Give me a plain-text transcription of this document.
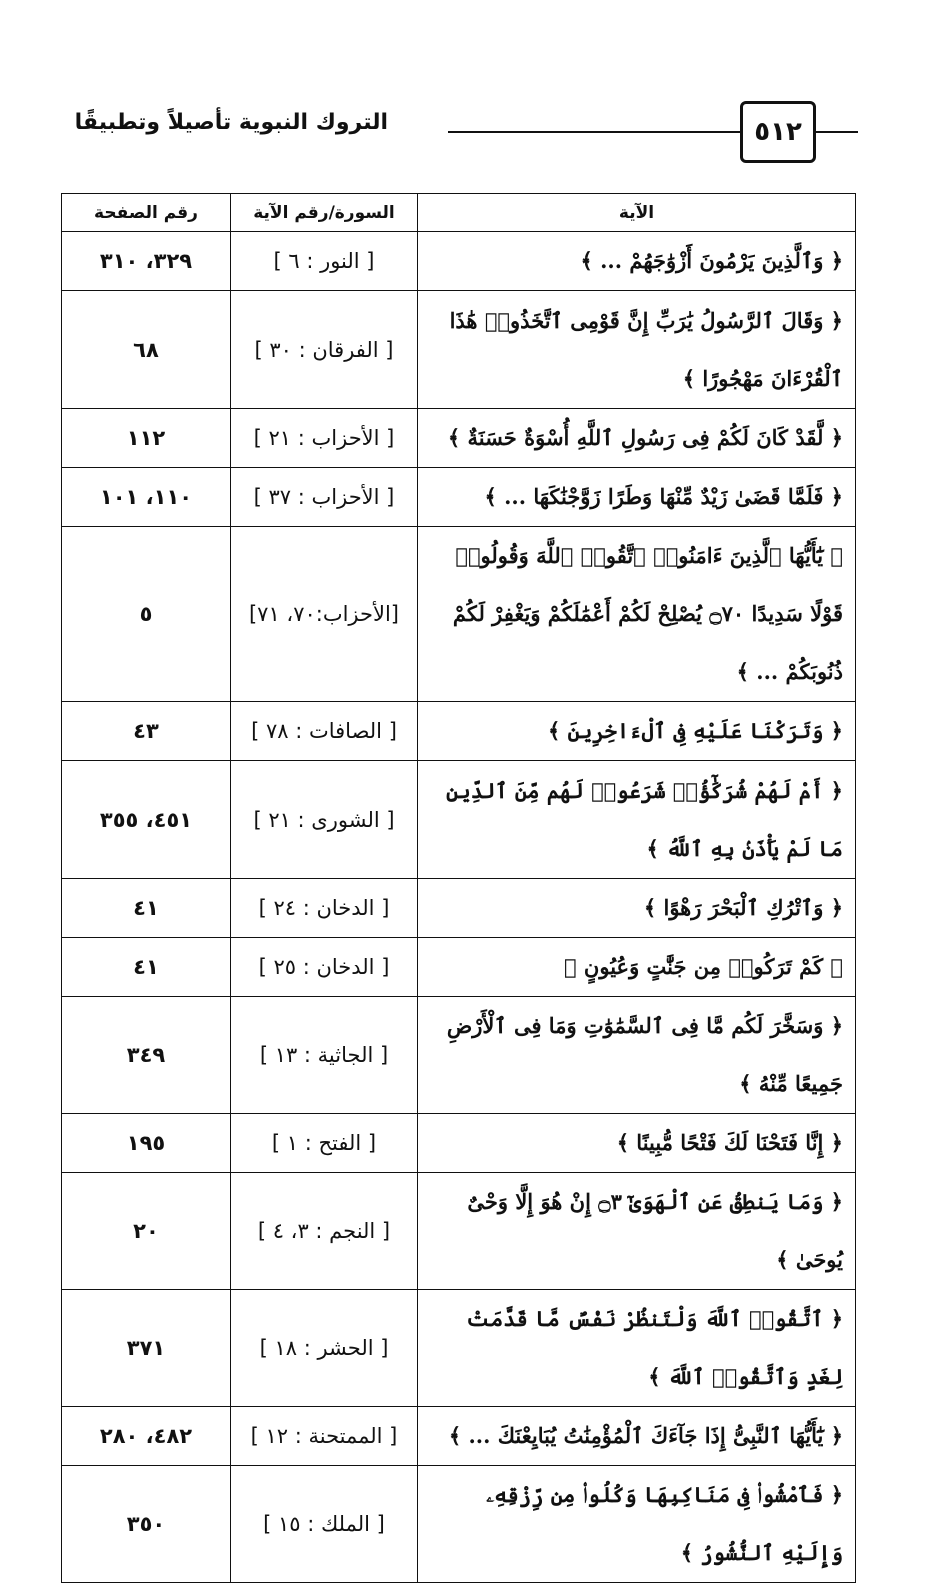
التروك النبوية تأصيلاً وتطبيقًا	٥١٢
الآية	السورة/رقم الآية	رقم الصفحة
﴿ وَٱلَّذِينَ يَرْمُونَ أَزْوَٰجَهُمْ ... ﴾	[ النور : ٦ ]	٣٢٩، ٣١٠
﴿ وَقَالَ ٱلرَّسُولُ يَٰرَبِّ إِنَّ قَوْمِى ٱتَّخَذُوا۟ هَٰذَا ٱلْقُرْءَانَ مَهْجُورًا ﴾	[ الفرقان : ٣٠ ]	٦٨
﴿ لَّقَدْ كَانَ لَكُمْ فِى رَسُولِ ٱللَّهِ أُسْوَةٌ حَسَنَةٌ ﴾	[ الأحزاب : ٢١ ]	١١٢
﴿ فَلَمَّا قَضَىٰ زَيْدٌ مِّنْهَا وَطَرًا زَوَّجْنَٰكَهَا ... ﴾	[ الأحزاب : ٣٧ ]	١١٠، ١٠١
﴿ يَٰٓأَيُّهَا ٱلَّذِينَ ءَامَنُوا۟ ٱتَّقُوا۟ ٱللَّهَ وَقُولُوا۟ قَوْلًا سَدِيدًا ۝٧٠ يُصْلِحْ لَكُمْ أَعْمَٰلَكُمْ وَيَغْفِرْ لَكُمْ ذُنُوبَكُمْ ... ﴾	[الأحزاب:٧٠، ٧١]	٥
﴿ وَتَرَكْنَا عَلَيْهِ فِى ٱلْءَاخِرِينَ ﴾	[ الصافات : ٧٨ ]	٤٣
﴿ أَمْ لَهُمْ شُرَكَٰٓؤُا۟ شَرَعُوا۟ لَهُم مِّنَ ٱلدِّينِ مَا لَمْ يَأْذَنۢ بِهِ ٱللَّهُ ﴾	[ الشورى : ٢١ ]	٤٥١، ٣٥٥
﴿ وَٱتْرُكِ ٱلْبَحْرَ رَهْوًا ﴾	[ الدخان : ٢٤ ]	٤١
﴿ كَمْ تَرَكُوا۟ مِن جَنَّٰتٍ وَعُيُونٍ ﴾	[ الدخان : ٢٥ ]	٤١
﴿ وَسَخَّرَ لَكُم مَّا فِى ٱلسَّمَٰوَٰتِ وَمَا فِى ٱلْأَرْضِ جَمِيعًا مِّنْهُ ﴾	[ الجاثية : ١٣ ]	٣٤٩
﴿ إِنَّا فَتَحْنَا لَكَ فَتْحًا مُّبِينًا ﴾	[ الفتح : ١ ]	١٩٥
﴿ وَمَا يَنطِقُ عَنِ ٱلْهَوَىٰٓ ۝٣ إِنْ هُوَ إِلَّا وَحْىٌ يُوحَىٰ ﴾	[ النجم : ٣، ٤ ]	٢٠
﴿ ٱتَّقُوا۟ ٱللَّهَ وَلْتَنظُرْ نَفْسٌ مَّا قَدَّمَتْ لِغَدٍ وَٱتَّقُوا۟ ٱللَّهَ ﴾	[ الحشر : ١٨ ]	٣٧١
﴿ يَٰٓأَيُّهَا ٱلنَّبِىُّ إِذَا جَآءَكَ ٱلْمُؤْمِنَٰتُ يُبَايِعْنَكَ ... ﴾	[ الممتحنة : ١٢ ]	٤٨٢، ٢٨٠
﴿ فَٱمْشُوا۟ فِى مَنَاكِبِهَا وَكُلُوا۟ مِن رِّزْقِهِۦ وَإِلَيْهِ ٱلنُّشُورُ ﴾	[ الملك : ١٥ ]	٣٥٠
